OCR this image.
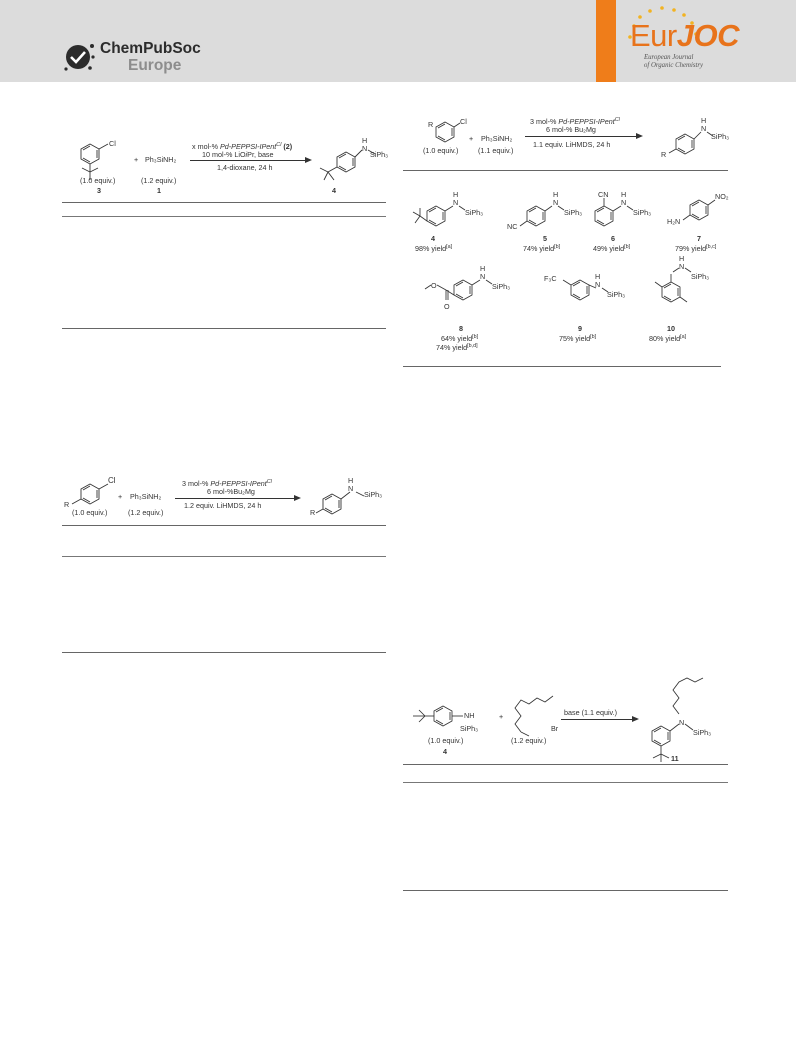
ChemPubSoc
Europe
EurJOC
European Journal
of Organic Chemistry
Cl
(1.0 equiv.)
3
+ Ph₃SiNH₂
(1.2 equiv.)
1
x mol-% Pd-PEPPSI-IPent$^{Cl}$ (2)
10 mol-% LiOiPr, base
1,4-dioxane, 24 h
H
N
SiPh₃
4
Cl
R
(1.0 equiv.)
+ Ph₃SiNH₂
(1.2 equiv.)
3 mol-% Pd-PEPPSI-IPent$^{Cl}$
6 mol-%Bu₂Mg
1.2 equiv. LiHMDS, 24 h
H
N
SiPh₃
R
Cl
R
(1.0 equiv.)
+ Ph₃SiNH₂
(1.1 equiv.)
3 mol-% Pd-PEPPSI-IPent$^{Cl}$
6 mol-% Bu₂Mg
1.1 equiv. LiHMDS, 24 h
H
N
SiPh₃
R
H
N
SiPh₃
4
98% yield[a]
H
N
SiPh₃
NC
5
74% yield[b]
CN H
N
SiPh₃
6
49% yield[b]
NO₂
H₂N
7
79% yield[b,c]
H
N
SiPh₃
O
O
8
64% yield[b]
74% yield[b,d]
F₃C	H
N
SiPh₃
9
75% yield[b]
H
N
SiPh₃
10
80% yield[a]
NH
SiPh₃
(1.0 equiv.)
4
+
Br
(1.2 equiv.)
base (1.1 equiv.)
N
SiPh₃
11
